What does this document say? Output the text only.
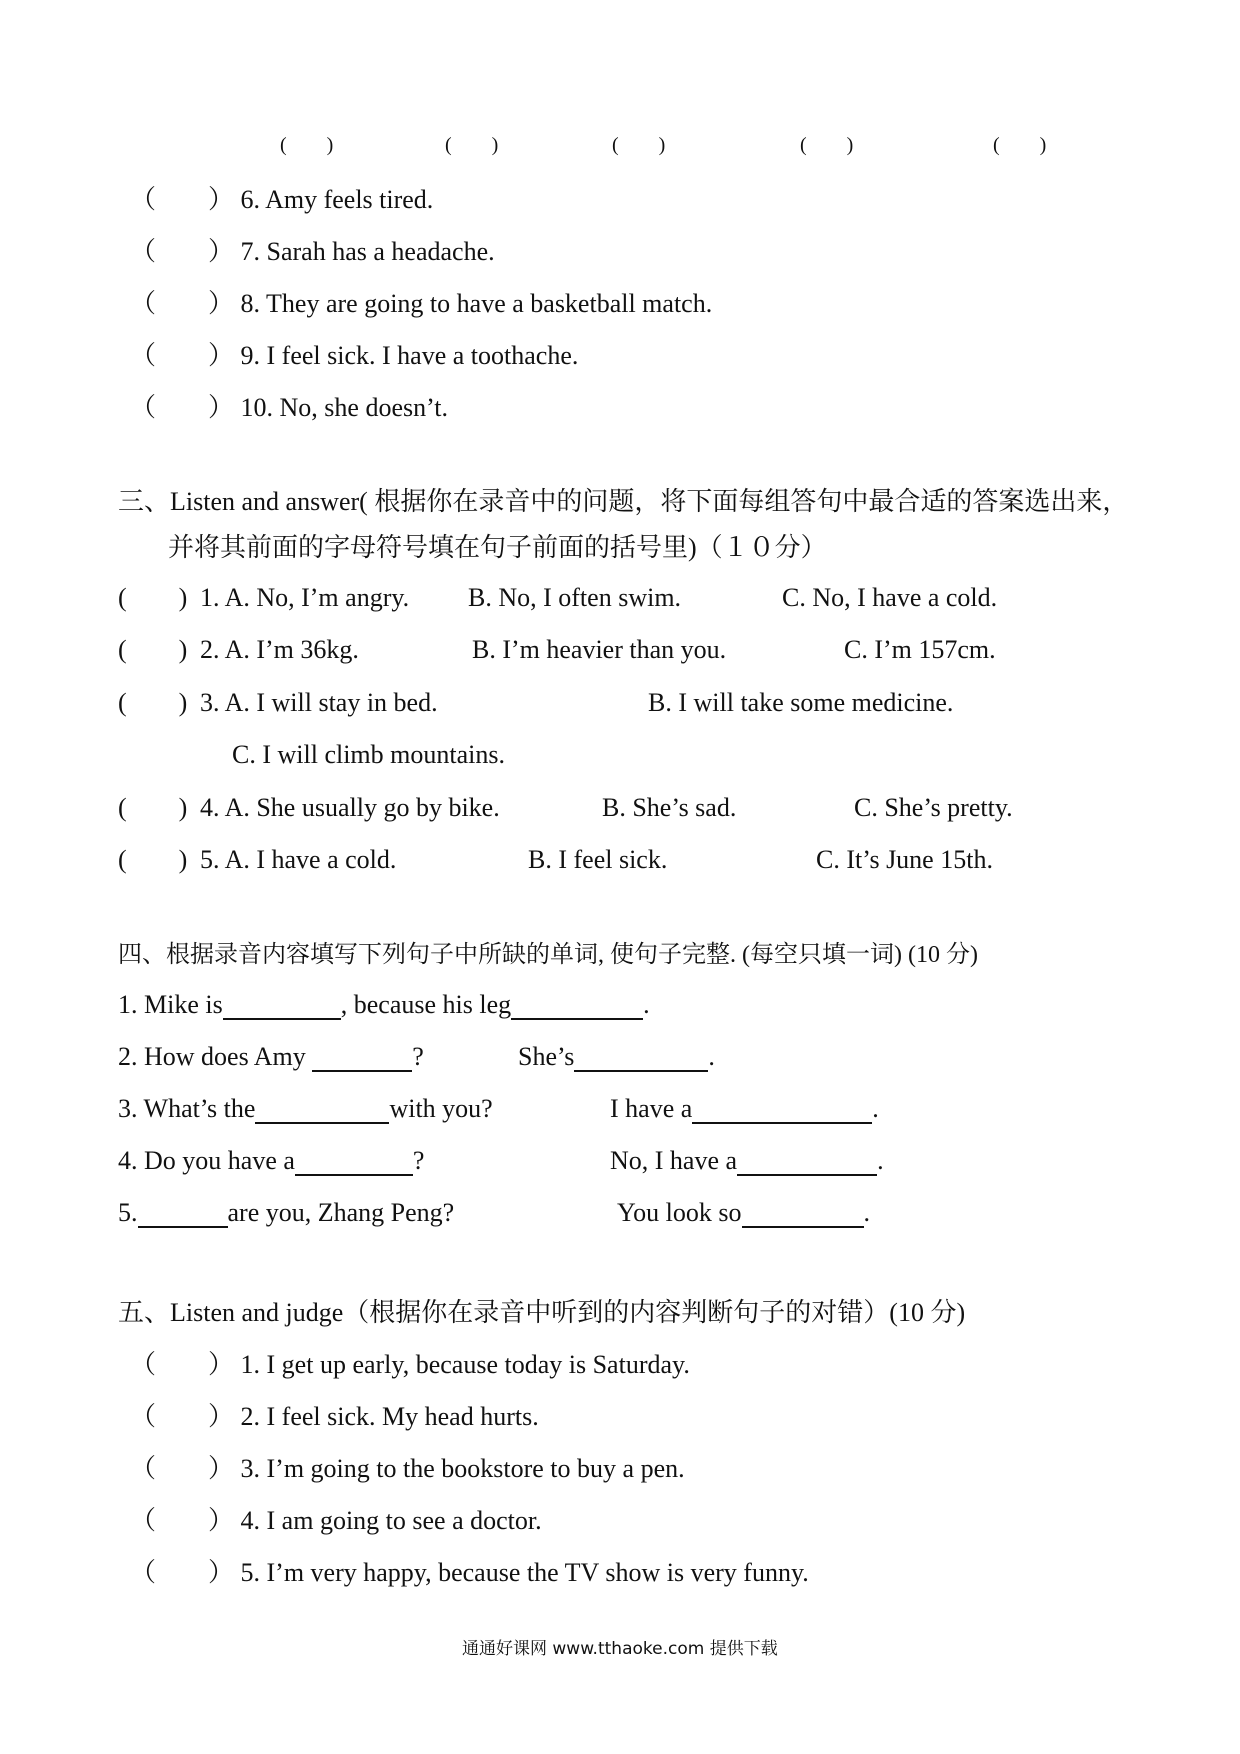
(　　)	(　　)	(　　)	(　　)	(　　)
（　　） 6. Amy feels tired.
（　　） 7. Sarah has a headache.
（　　） 8. They are going to have a basketball match.
（　　） 9. I feel sick. I have a toothache.
（　　） 10. No, she doesn’t.
三、Listen and answer( 根据你在录音中的问题，将下面每组答句中最合适的答案选出来，
并将其前面的字母符号填在句子前面的括号里)（１０分）
(　　) 1. A. No, I’m angry. B. No, I often swim.	C. No, I have a cold.
(　　) 2. A. I’m 36kg.	B. I’m heavier than you.	C. I’m 157cm.
(　　) 3. A. I will stay in bed.	B. I will take some medicine.
C. I will climb mountains.
(　　) 4. A. She usually go by bike.	B. She’s sad.	C. She’s pretty.
(　　) 5. A. I have a cold.	B. I feel sick.	C. It’s June 15th.
四、根据录音内容填写下列句子中所缺的单词, 使句子完整. (每空只填一词) (10 分)
1. Mike is	, because his leg	.
2. How does Amy	?	She’s	.
3. What’s the	with you?	I have a	.
4. Do you have a	?	No, I have a	.
5.	are you, Zhang Peng?	You look so	.
五、Listen and judge（根据你在录音中听到的内容判断句子的对错）(10 分)
（　　） 1. I get up early, because today is Saturday.
（　　） 2. I feel sick. My head hurts.
（　　） 3. I’m going to the bookstore to buy a pen.
（　　） 4. I am going to see a doctor.
（　　） 5. I’m very happy, because the TV show is very funny.
通通好课网 www.tthaoke.com 提供下载
